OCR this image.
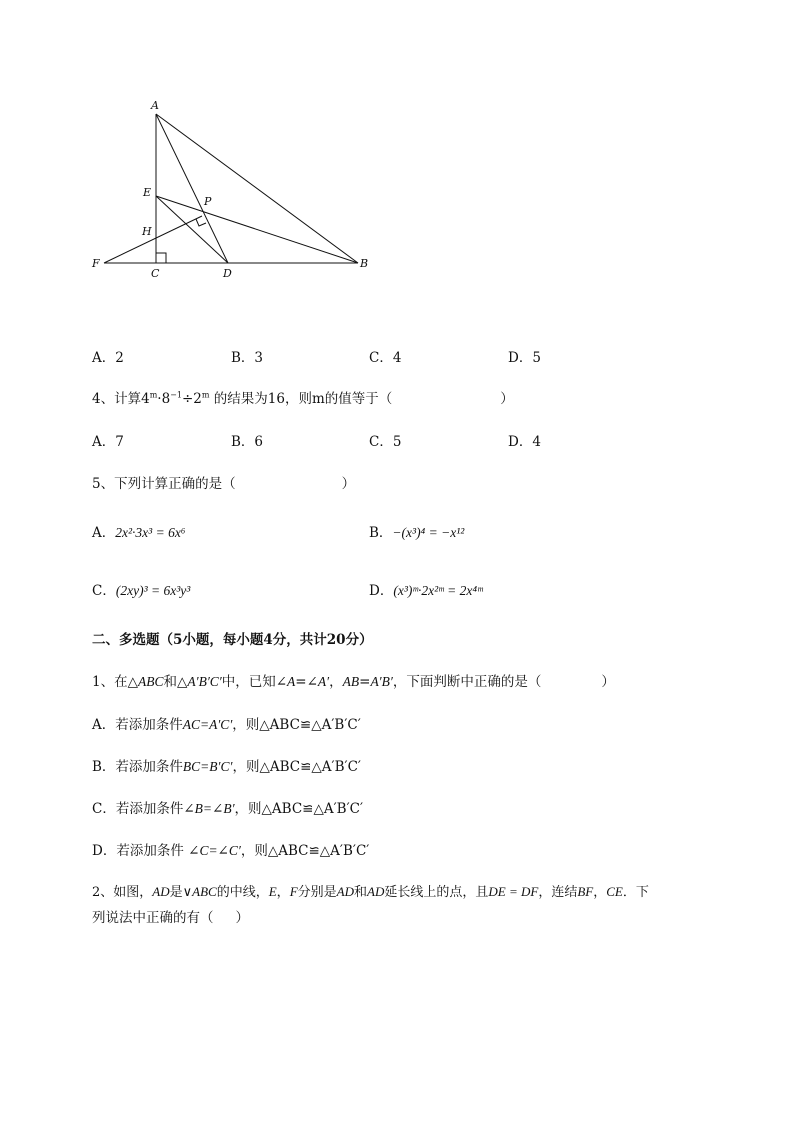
A
E
P
H
F
C	D
B
A．2	B．3	C．4	D．5
4、计算$4^m\cdot 8^{-1}\div 2^m$ 的结果为16，则m的值等于（	）
A．7	B．6	C．5	D．4
5、下列计算正确的是（	）
A．2x²·3x³ = 6x⁶	B．−(x³)⁴ = −x¹²
C．(2xy)³ = 6x³y³	D．(x³)ᵐ·2x²ᵐ = 2x⁴ᵐ
二、多选题（5小题，每小题4分，共计20分）
1、在△ABC和△A′B′C′中，已知∠A=∠A′，AB=A′B′，下面判断中正确的是（	）
A．若添加条件AC=A′C′，则△ABC≌△A′B′C′
B．若添加条件BC=B′C′，则△ABC≌△A′B′C′
C．若添加条件∠B=∠B′，则△ABC≌△A′B′C′
D．若添加条件 ∠C=∠C′，则△ABC≌△A′B′C′
2、如图，AD是∨ABC的中线，E，F分别是AD和AD延长线上的点，且DE = DF，连结BF，CE．下
列说法中正确的有（ ）
